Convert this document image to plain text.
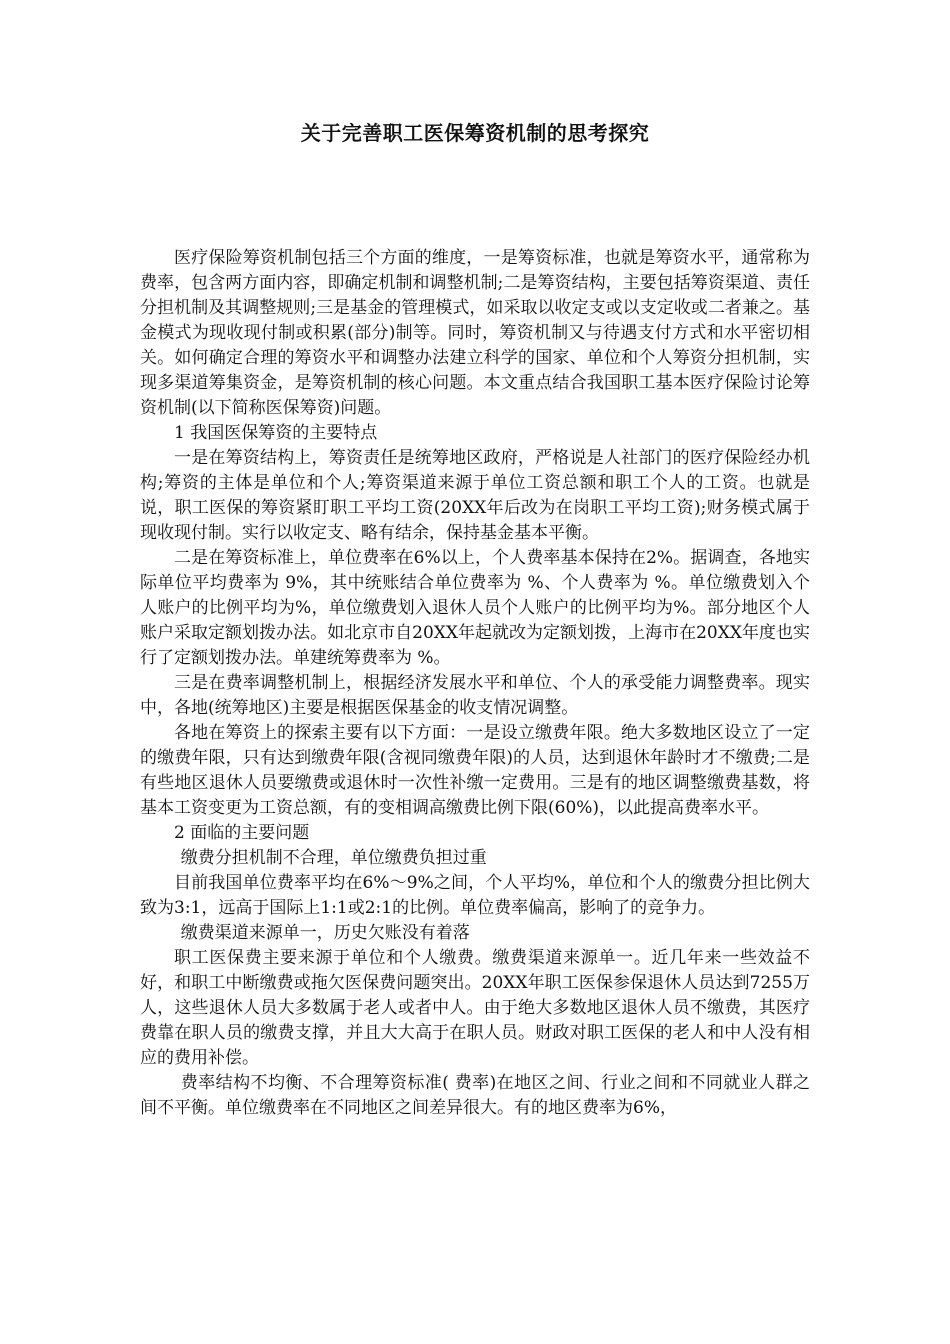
关于完善职工医保筹资机制的思考探究

医疗保险筹资机制包括三个方面的维度，一是筹资标准，也就是筹资水平，通常称为费率，包含两方面内容，即确定机制和调整机制;二是筹资结构，主要包括筹资渠道、责任分担机制及其调整规则;三是基金的管理模式，如采取以收定支或以支定收或二者兼之。基金模式为现收现付制或积累(部分)制等。同时，筹资机制又与待遇支付方式和水平密切相关。如何确定合理的筹资水平和调整办法建立科学的国家、单位和个人筹资分担机制，实现多渠道筹集资金，是筹资机制的核心问题。本文重点结合我国职工基本医疗保险讨论筹资机制(以下简称医保筹资)问题。

1 我国医保筹资的主要特点

一是在筹资结构上，筹资责任是统筹地区政府，严格说是人社部门的医疗保险经办机构;筹资的主体是单位和个人;筹资渠道来源于单位工资总额和职工个人的工资。也就是说，职工医保的筹资紧盯职工平均工资(20XX年后改为在岗职工平均工资);财务模式属于现收现付制。实行以收定支、略有结余，保持基金基本平衡。

二是在筹资标准上，单位费率在6%以上，个人费率基本保持在2%。据调查，各地实际单位平均费率为 9%，其中统账结合单位费率为 %、个人费率为 %。单位缴费划入个人账户的比例平均为%，单位缴费划入退休人员个人账户的比例平均为%。部分地区个人账户采取定额划拨办法。如北京市自20XX年起就改为定额划拨，上海市在20XX年度也实行了定额划拨办法。单建统筹费率为 %。

三是在费率调整机制上，根据经济发展水平和单位、个人的承受能力调整费率。现实中，各地(统筹地区)主要是根据医保基金的收支情况调整。

各地在筹资上的探索主要有以下方面：一是设立缴费年限。绝大多数地区设立了一定的缴费年限，只有达到缴费年限(含视同缴费年限)的人员，达到退休年龄时才不缴费;二是有些地区退休人员要缴费或退休时一次性补缴一定费用。三是有的地区调整缴费基数，将基本工资变更为工资总额，有的变相调高缴费比例下限(60%)，以此提高费率水平。

2 面临的主要问题

缴费分担机制不合理，单位缴费负担过重

目前我国单位费率平均在6%～9%之间，个人平均%，单位和个人的缴费分担比例大致为3:1，远高于国际上1:1或2:1的比例。单位费率偏高，影响了的竞争力。

缴费渠道来源单一，历史欠账没有着落

职工医保费主要来源于单位和个人缴费。缴费渠道来源单一。近几年来一些效益不好，和职工中断缴费或拖欠医保费问题突出。20XX年职工医保参保退休人员达到7255万人，这些退休人员大多数属于老人或者中人。由于绝大多数地区退休人员不缴费，其医疗费靠在职人员的缴费支撑，并且大大高于在职人员。财政对职工医保的老人和中人没有相应的费用补偿。

费率结构不均衡、不合理筹资标准( 费率)在地区之间、行业之间和不同就业人群之间不平衡。单位缴费率在不同地区之间差异很大。有的地区费率为6%，
